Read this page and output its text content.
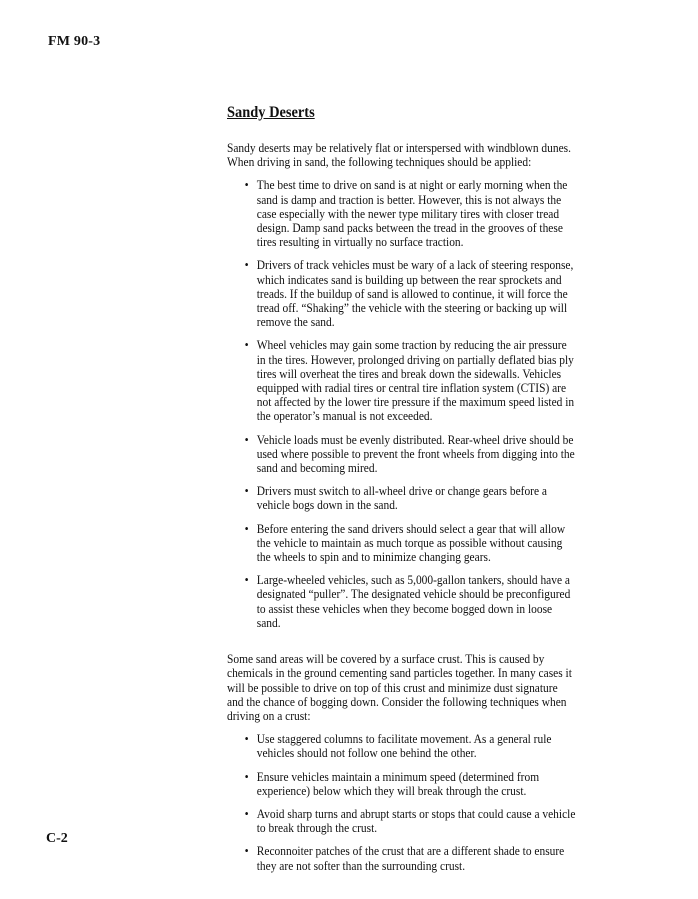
FM 90-3
Sandy Deserts

Sandy deserts may be relatively flat or interspersed with windblown dunes. When driving in sand, the following techniques should be applied:

• The best time to drive on sand is at night or early morning when the sand is damp and traction is better. However, this is not always the case especially with the newer type military tires with closer tread design. Damp sand packs between the tread in the grooves of these tires resulting in virtually no surface traction.
• Drivers of track vehicles must be wary of a lack of steering response, which indicates sand is building up between the rear sprockets and treads. If the buildup of sand is allowed to continue, it will force the tread off. “Shaking” the vehicle with the steering or backing up will remove the sand.
• Wheel vehicles may gain some traction by reducing the air pressure in the tires. However, prolonged driving on partially deflated bias ply tires will overheat the tires and break down the sidewalls. Vehicles equipped with radial tires or central tire inflation system (CTIS) are not affected by the lower tire pressure if the maximum speed listed in the operator’s manual is not exceeded.
• Vehicle loads must be evenly distributed. Rear-wheel drive should be used where possible to prevent the front wheels from digging into the sand and becoming mired.
• Drivers must switch to all-wheel drive or change gears before a vehicle bogs down in the sand.
• Before entering the sand drivers should select a gear that will allow the vehicle to maintain as much torque as possible without causing the wheels to spin and to minimize changing gears.
• Large-wheeled vehicles, such as 5,000-gallon tankers, should have a designated “puller”. The designated vehicle should be preconfigured to assist these vehicles when they become bogged down in loose sand.

Some sand areas will be covered by a surface crust. This is caused by chemicals in the ground cementing sand particles together. In many cases it will be possible to drive on top of this crust and minimize dust signature and the chance of bogging down. Consider the following techniques when driving on a crust:

• Use staggered columns to facilitate movement. As a general rule vehicles should not follow one behind the other.
• Ensure vehicles maintain a minimum speed (determined from experience) below which they will break through the crust.
• Avoid sharp turns and abrupt starts or stops that could cause a vehicle to break through the crust.
• Reconnoiter patches of the crust that are a different shade to ensure they are not softer than the surrounding crust.
C-2
